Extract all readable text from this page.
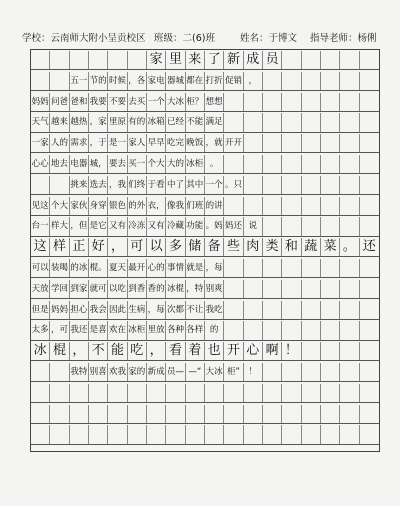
学校：云南师大附小呈贡校区 班级：二(6)班	姓名：于博文 指导老师：杨俐
家 里 来 了 新 成 员
五一 节的 时候 ，各 家电 器城 都在 打折 促销 ，
妈妈 问爸 爸和 我要 不要 去买 一个 大冰 柜？ 想想
天气 越来 越热 ，家 里原 有的 冰箱 已经 不能 满足
一家 人的 需求 ，于 是一 家人 早早 吃完 晚饭 ，就 开开
心心 地去 电器 城， 要去 买一 个大 大的 冰柜 。
挑来 选去 ，我 们终 于看 中了 其中 一个 。只
见这 个大 家伙 身穿 银色 的外 衣， 像我 们班 的讲
台一 样大 ，但 是它 又有 冷冻 又有 冷藏 功能 。妈 妈还 说
这 样 正 好 ， 可 以 多 储 备 些 肉 类 和 蔬 菜 。 还
可以 装喝 的冰 棍。 夏天 最开 心的 事情 就是 ，每
天放 学回 到家 就可 以吃 到香 香的 冰棍 ，特 别爽
但是 妈妈 担心 我会 因此 生病 ，每 次都 不让 我吃
太多 ，可 我还 是喜 欢在 冰柜 里放 各种 各样 的
冰 棍 ， 不 能 吃 ， 看 着 也 开 心 啊 ！
我特 别喜 欢我 家的 新成 员— —“ 大冰 柜”	！
